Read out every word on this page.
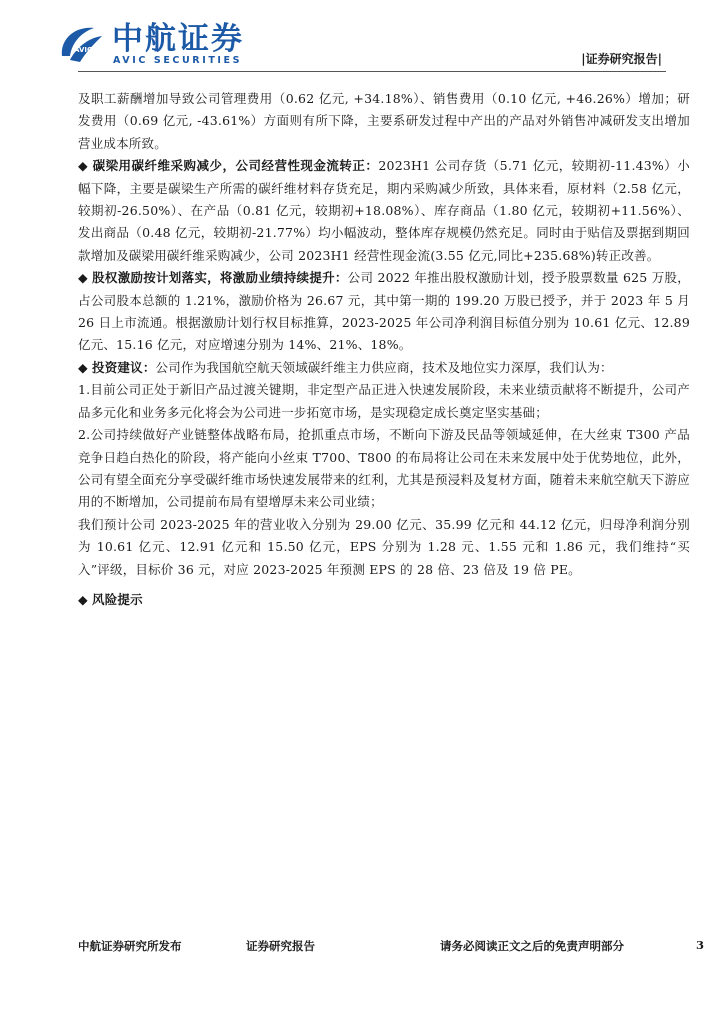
AVIC 中航证券
AVIC SECURITIES	|证券研究报告|

及职工薪酬增加导致公司管理费用（0.62 亿元, +34.18%）、销售费用（0.10 亿元, +46.26%）增加；研发费用（0.69 亿元, -43.61%）方面则有所下降，主要系研发过程中产出的产品对外销售冲减研发支出增加营业成本所致。

◆ 碳梁用碳纤维采购减少，公司经营性现金流转正：2023H1 公司存货（5.71 亿元，较期初-11.43%）小幅下降，主要是碳梁生产所需的碳纤维材料存货充足，期内采购减少所致，具体来看，原材料（2.58 亿元，较期初-26.50%）、在产品（0.81 亿元，较期初+18.08%）、库存商品（1.80 亿元，较期初+11.56%）、发出商品（0.48 亿元，较期初-21.77%）均小幅波动，整体库存规模仍然充足。同时由于贴信及票据到期回款增加及碳梁用碳纤维采购减少，公司 2023H1 经营性现金流(3.55 亿元,同比+235.68%)转正改善。

◆ 股权激励按计划落实，将激励业绩持续提升：公司 2022 年推出股权激励计划，授予股票数量 625 万股，占公司股本总额的 1.21%，激励价格为 26.67 元，其中第一期的 199.20 万股已授予，并于 2023 年 5 月 26 日上市流通。根据激励计划行权目标推算，2023-2025 年公司净利润目标值分别为 10.61 亿元、12.89 亿元、15.16 亿元，对应增速分别为 14%、21%、18%。

◆ 投资建议：公司作为我国航空航天领域碳纤维主力供应商，技术及地位实力深厚，我们认为：

1.目前公司正处于新旧产品过渡关键期，非定型产品正进入快速发展阶段，未来业绩贡献将不断提升，公司产品多元化和业务多元化将会为公司进一步拓宽市场，是实现稳定成长奠定坚实基础；

2.公司持续做好产业链整体战略布局，抢抓重点市场，不断向下游及民品等领域延伸，在大丝束 T300 产品竞争日趋白热化的阶段，将产能向小丝束 T700、T800 的布局将让公司在未来发展中处于优势地位，此外，公司有望全面充分享受碳纤维市场快速发展带来的红利，尤其是预浸料及复材方面，随着未来航空航天下游应用的不断增加，公司提前布局有望增厚未来公司业绩；

我们预计公司 2023-2025 年的营业收入分别为 29.00 亿元、35.99 亿元和 44.12 亿元，归母净利润分别为 10.61 亿元、12.91 亿元和 15.50 亿元，EPS 分别为 1.28 元、1.55 元和 1.86 元，我们维持“买入”评级，目标价 36 元，对应 2023-2025 年预测 EPS 的 28 倍、23 倍及 19 倍 PE。

◆ 风险提示

中航证券研究所发布	证券研究报告	请务必阅读正文之后的免责声明部分	3
